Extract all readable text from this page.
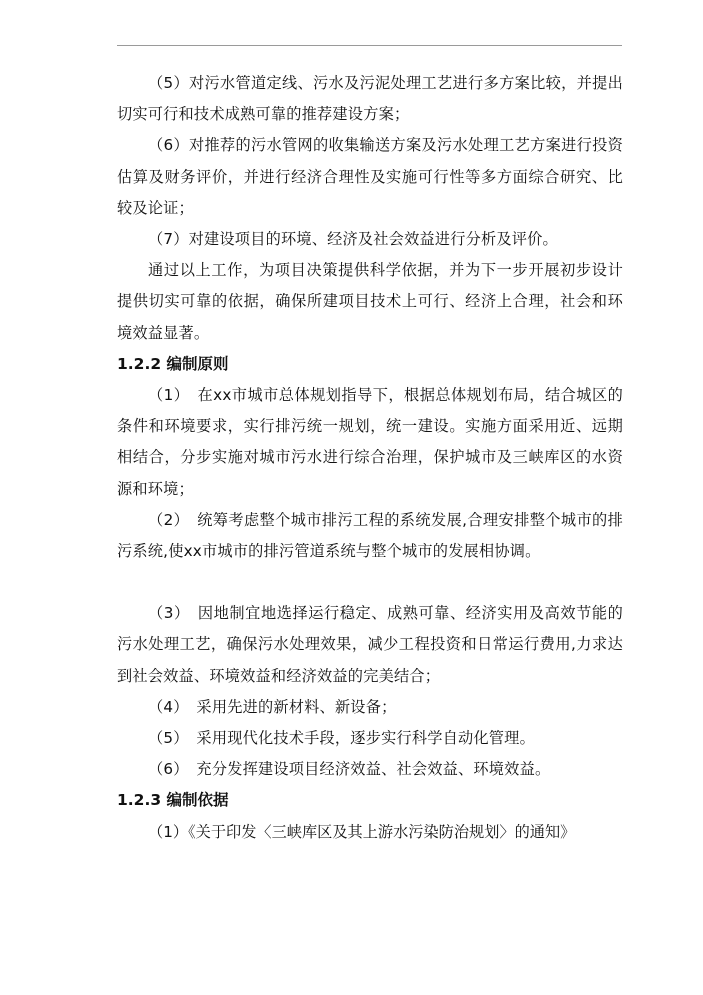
（5）对污水管道定线、污水及污泥处理工艺进行多方案比较，并提出切实可行和技术成熟可靠的推荐建设方案；

（6）对推荐的污水管网的收集输送方案及污水处理工艺方案进行投资估算及财务评价，并进行经济合理性及实施可行性等多方面综合研究、比较及论证；

（7）对建设项目的环境、经济及社会效益进行分析及评价。

通过以上工作，为项目决策提供科学依据，并为下一步开展初步设计提供切实可靠的依据，确保所建项目技术上可行、经济上合理，社会和环境效益显著。

1.2.2 编制原则

（1）　在xx市城市总体规划指导下，根据总体规划布局，结合城区的条件和环境要求，实行排污统一规划，统一建设。实施方面采用近、远期相结合，分步实施对城市污水进行综合治理，保护城市及三峡库区的水资源和环境；

（2）　统筹考虑整个城市排污工程的系统发展,合理安排整个城市的排污系统,使xx市城市的排污管道系统与整个城市的发展相协调。

（3）　因地制宜地选择运行稳定、成熟可靠、经济实用及高效节能的污水处理工艺，确保污水处理效果，减少工程投资和日常运行费用,力求达到社会效益、环境效益和经济效益的完美结合；

（4）　采用先进的新材料、新设备；

（5）　采用现代化技术手段，逐步实行科学自动化管理。

（6）　充分发挥建设项目经济效益、社会效益、环境效益。

1.2.3 编制依据

（1）《关于印发〈三峡库区及其上游水污染防治规划〉的通知》
